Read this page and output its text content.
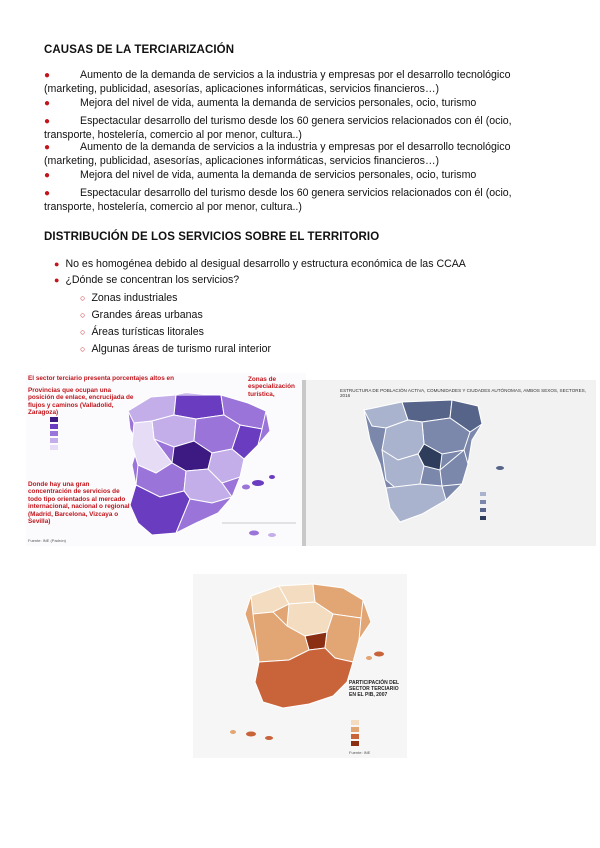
CAUSAS DE LA TERCIARIZACIÓN
●	Aumento de la demanda de servicios a la industria y empresas por el desarrollo tecnológico (marketing, publicidad, asesorías, aplicaciones informáticas, servicios financieros…)
●	Mejora del nivel de vida, aumenta la demanda de servicios personales, ocio, turismo
●	Espectacular desarrollo del turismo desde los 60 genera servicios relacionados con él (ocio, transporte, hostelería, comercio al por menor, cultura..)
●	Aumento de la demanda de servicios a la industria y empresas por el desarrollo tecnológico (marketing, publicidad, asesorías, aplicaciones informáticas, servicios financieros…)
●	Mejora del nivel de vida, aumenta la demanda de servicios personales, ocio, turismo
●	Espectacular desarrollo del turismo desde los 60 genera servicios relacionados con él (ocio, transporte, hostelería, comercio al por menor, cultura..)
DISTRIBUCIÓN DE LOS SERVICIOS SOBRE EL TERRITORIO
● No es homogénea debido al desigual desarrollo y estructura económica de las CCAA
● ¿Dónde se concentran los servicios?
○ Zonas industriales
○ Grandes áreas urbanas
○ Áreas turísticas litorales
○ Algunas áreas de turismo rural interior
El sector terciario presenta porcentajes altos en
Provincias que ocupan una posición de enlace, encrucijada de flujos y caminos (Valladolid, Zaragoza)
Zonas de especialización turística,
Donde hay una gran concentración de servicios de todo tipo orientados al mercado internacional, nacional o regional (Madrid, Barcelona, Vizcaya o Sevilla)
Fuente: INE (Padrón)
ESTRUCTURA DE POBLACIÓN ACTIVA, COMUNIDADES Y CIUDADES AUTÓNOMAS, AMBOS SEXOS, SECTORES, 2016
PARTICIPACIÓN DEL SECTOR TERCIARIO EN EL PIB, 2007
Fuente: INE
